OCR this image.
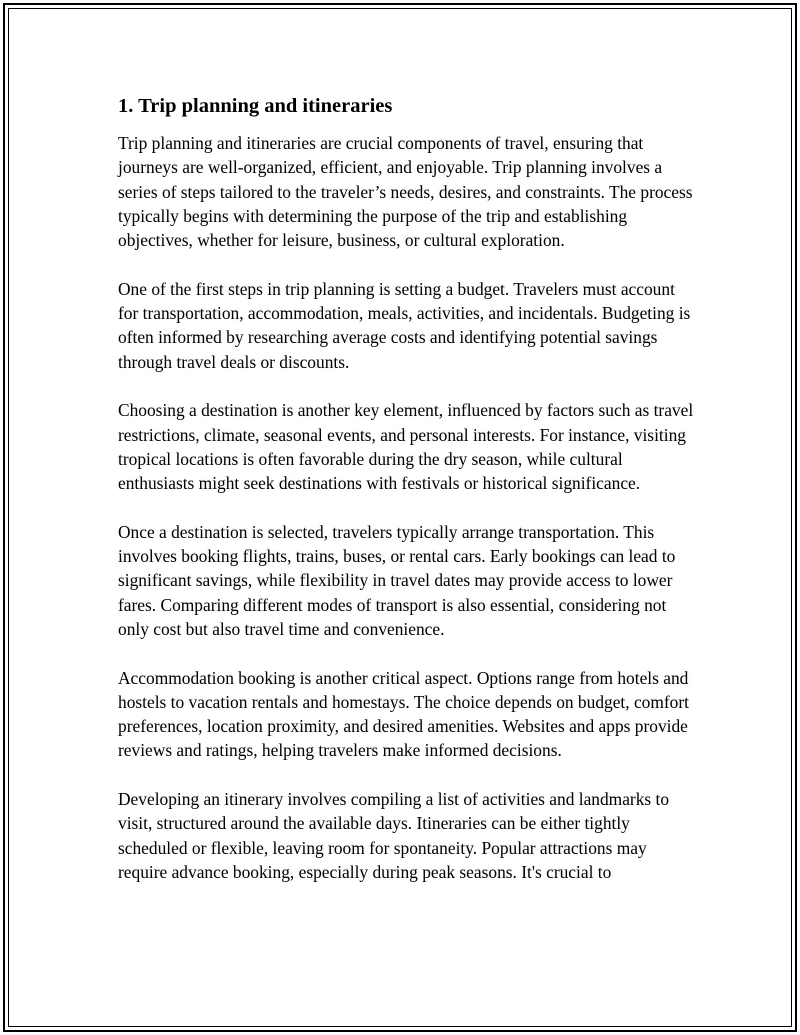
1. Trip planning and itineraries

Trip planning and itineraries are crucial components of travel, ensuring that journeys are well-organized, efficient, and enjoyable. Trip planning involves a series of steps tailored to the traveler’s needs, desires, and constraints. The process typically begins with determining the purpose of the trip and establishing objectives, whether for leisure, business, or cultural exploration.

One of the first steps in trip planning is setting a budget. Travelers must account for transportation, accommodation, meals, activities, and incidentals. Budgeting is often informed by researching average costs and identifying potential savings through travel deals or discounts.

Choosing a destination is another key element, influenced by factors such as travel restrictions, climate, seasonal events, and personal interests. For instance, visiting tropical locations is often favorable during the dry season, while cultural enthusiasts might seek destinations with festivals or historical significance.

Once a destination is selected, travelers typically arrange transportation. This involves booking flights, trains, buses, or rental cars. Early bookings can lead to significant savings, while flexibility in travel dates may provide access to lower fares. Comparing different modes of transport is also essential, considering not only cost but also travel time and convenience.

Accommodation booking is another critical aspect. Options range from hotels and hostels to vacation rentals and homestays. The choice depends on budget, comfort preferences, location proximity, and desired amenities. Websites and apps provide reviews and ratings, helping travelers make informed decisions.

Developing an itinerary involves compiling a list of activities and landmarks to visit, structured around the available days. Itineraries can be either tightly scheduled or flexible, leaving room for spontaneity. Popular attractions may require advance booking, especially during peak seasons. It's crucial to
